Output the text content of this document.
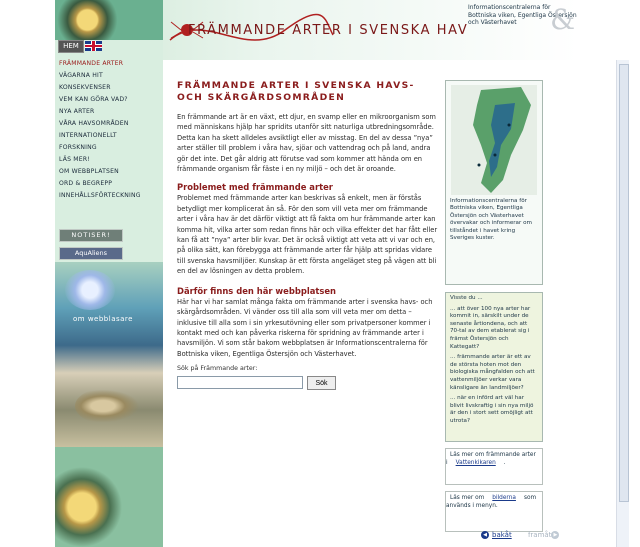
FRÄMMANDE ARTER I SVENSKA HAV
Informationscentralerna för Bottniska viken, Egentliga Östersjön och Västerhavet &
HEM
FRÄMMANDE ARTER
VÄGARNA HIT
KONSEKVENSER
VEM KAN GÖRA VAD?
NYA ARTER
VÅRA HAVSOMRÅDEN
INTERNATIONELLT
FORSKNING
LÄS MER!
OM WEBBPLATSEN
ORD & BEGREPP
INNEHÅLLSFÖRTECKNING
NOTISER!
AquAliens
om webblasare
FRÄMMANDE ARTER I SVENSKA HAVS- OCH SKÄRGÅRDSOMRÅDEN

En främmande art är en växt, ett djur, en svamp eller en mikroorganism som med människans hjälp har spridits utanför sitt naturliga utbredningsområde. Detta kan ha skett alldeles avsiktligt eller av misstag. En del av dessa ”nya” arter ställer till problem i våra hav, sjöar och vattendrag och på land, andra gör det inte. Det går aldrig att förutse vad som kommer att hända om en främmande organism får fäste i en ny miljö – och det är oroande.

Problemet med främmande arter

Problemet med främmande arter kan beskrivas så enkelt, men är förstås betydligt mer komplicerat än så. För den som vill veta mer om främmande arter i våra hav är det därför viktigt att få fakta om hur främmande arter kan komma hit, vilka arter som redan finns här och vilka effekter det har fått eller kan få att ”nya” arter blir kvar. Det är också viktigt att veta att vi var och en, på olika sätt, kan förebygga att främmande arter får hjälp att spridas vidare till svenska havsmiljöer. Kunskap är ett första angeläget steg på vägen att bli en del av lösningen av detta problem.

Därför finns den här webbplatsen

Här har vi har samlat många fakta om främmande arter i svenska havs- och skärgårdsområden. Vi vänder oss till alla som vill veta mer om detta – inklusive till alla som i sin yrkesutövning eller som privatpersoner kommer i kontakt med och kan påverka riskerna för spridning av främmande arter i havsmiljön. Vi som står bakom webbplatsen är Informationscentralerna för Bottniska viken, Egentliga Östersjön och Västerhavet.

Sök på Främmande arter:
Sök
Informationscentralerna för Bottniska viken, Egentliga Östersjön och Västerhavet övervakar och informerar om tillståndet i havet kring Sveriges kuster.
Visste du ...
... att över 100 nya arter har kommit in, särskilt under de senaste årtiondena, och att 70-tal av dem etablerat sig i främst Östersjön och Kattegatt?
... främmande arter är ett av de största hoten mot den biologiska mångfalden och att vattenmiljöer verkar vara känsligare än landmiljöer?
... när en införd art väl har blivit livskraftig i sin nya miljö är den i stort sett omöjligt att utrota?
Läs mer om främmande arter i Vattenkikaren .
Läs mer om bilderna som används i menyn.
◀ bakåt framåt ▶
